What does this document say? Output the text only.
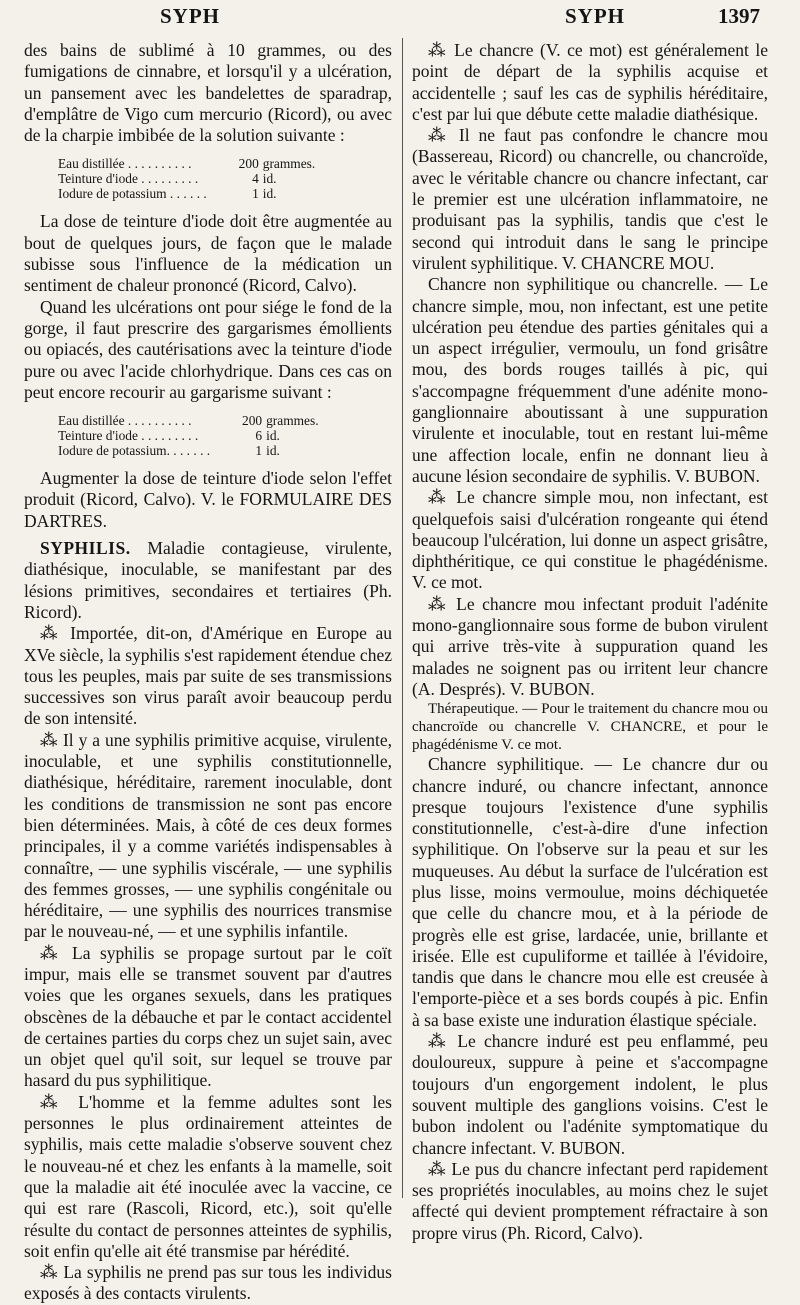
SYPH	SYPH	1397

des bains de sublimé à 10 grammes, ou des fumigations de cinnabre, et lorsqu'il y a ulcération, un pansement avec les bandelettes de sparadrap, d'emplâtre de Vigo cum mercurio (Ricord), ou avec de la charpie imbibée de la solution suivante :

Eau distillée . . . . . . . . . .	200	grammes.
Teinture d'iode . . . . . . . . .	4	id.
Iodure de potassium . . . . . .	1	id.

La dose de teinture d'iode doit être augmentée au bout de quelques jours, de façon que le malade subisse sous l'influence de la médication un sentiment de chaleur prononcé (Ricord, Calvo).

Quand les ulcérations ont pour siége le fond de la gorge, il faut prescrire des gargarismes émollients ou opiacés, des cautérisations avec la teinture d'iode pure ou avec l'acide chlorhydrique. Dans ces cas on peut encore recourir au gargarisme suivant :

Eau distillée . . . . . . . . . .	200	grammes.
Teinture d'iode . . . . . . . . .	6	id.
Iodure de potassium. . . . . . .	1	id.

Augmenter la dose de teinture d'iode selon l'effet produit (Ricord, Calvo). V. le FORMULAIRE DES DARTRES.

SYPHILIS. Maladie contagieuse, virulente, diathésique, inoculable, se manifestant par des lésions primitives, secondaires et tertiaires (Ph. Ricord).

⁂ Importée, dit-on, d'Amérique en Europe au XVe siècle, la syphilis s'est rapidement étendue chez tous les peuples, mais par suite de ses transmissions successives son virus paraît avoir beaucoup perdu de son intensité.

⁂ Il y a une syphilis primitive acquise, virulente, inoculable, et une syphilis constitutionnelle, diathésique, héréditaire, rarement inoculable, dont les conditions de transmission ne sont pas encore bien déterminées. Mais, à côté de ces deux formes principales, il y a comme variétés indispensables à connaître, — une syphilis viscérale, — une syphilis des femmes grosses, — une syphilis congénitale ou héréditaire, — une syphilis des nourrices transmise par le nouveau-né, — et une syphilis infantile.

⁂ La syphilis se propage surtout par le coït impur, mais elle se transmet souvent par d'autres voies que les organes sexuels, dans les pratiques obscènes de la débauche et par le contact accidentel de certaines parties du corps chez un sujet sain, avec un objet quel qu'il soit, sur lequel se trouve par hasard du pus syphilitique.

⁂ L'homme et la femme adultes sont les personnes le plus ordinairement atteintes de syphilis, mais cette maladie s'observe souvent chez le nouveau-né et chez les enfants à la mamelle, soit que la maladie ait été inoculée avec la vaccine, ce qui est rare (Rascoli, Ricord, etc.), soit qu'elle résulte du contact de personnes atteintes de syphilis, soit enfin qu'elle ait été transmise par hérédité.

⁂ La syphilis ne prend pas sur tous les individus exposés à des contacts virulents.

⁂ Le chancre (V. ce mot) est généralement le point de départ de la syphilis acquise et accidentelle ; sauf les cas de syphilis héréditaire, c'est par lui que débute cette maladie diathésique.

⁂ Il ne faut pas confondre le chancre mou (Bassereau, Ricord) ou chancrelle, ou chancroïde, avec le véritable chancre ou chancre infectant, car le premier est une ulcération inflammatoire, ne produisant pas la syphilis, tandis que c'est le second qui introduit dans le sang le principe virulent syphilitique. V. CHANCRE MOU.

Chancre non syphilitique ou chancrelle. — Le chancre simple, mou, non infectant, est une petite ulcération peu étendue des parties génitales qui a un aspect irrégulier, vermoulu, un fond grisâtre mou, des bords rouges taillés à pic, qui s'accompagne fréquemment d'une adénite mono-ganglionnaire aboutissant à une suppuration virulente et inoculable, tout en restant lui-même une affection locale, enfin ne donnant lieu à aucune lésion secondaire de syphilis. V. BUBON.

⁂ Le chancre simple mou, non infectant, est quelquefois saisi d'ulcération rongeante qui étend beaucoup l'ulcération, lui donne un aspect grisâtre, diphthéritique, ce qui constitue le phagédénisme. V. ce mot.

⁂ Le chancre mou infectant produit l'adénite mono-ganglionnaire sous forme de bubon virulent qui arrive très-vite à suppuration quand les malades ne soignent pas ou irritent leur chancre (A. Després). V. BUBON.

Thérapeutique. — Pour le traitement du chancre mou ou chancroïde ou chancrelle V. CHANCRE, et pour le phagédénisme V. ce mot.

Chancre syphilitique. — Le chancre dur ou chancre induré, ou chancre infectant, annonce presque toujours l'existence d'une syphilis constitutionnelle, c'est-à-dire d'une infection syphilitique. On l'observe sur la peau et sur les muqueuses. Au début la surface de l'ulcération est plus lisse, moins vermoulue, moins déchiquetée que celle du chancre mou, et à la période de progrès elle est grise, lardacée, unie, brillante et irisée. Elle est cupuliforme et taillée à l'évidoire, tandis que dans le chancre mou elle est creusée à l'emporte-pièce et a ses bords coupés à pic. Enfin à sa base existe une induration élastique spéciale.

⁂ Le chancre induré est peu enflammé, peu douloureux, suppure à peine et s'accompagne toujours d'un engorgement indolent, le plus souvent multiple des ganglions voisins. C'est le bubon indolent ou l'adénite symptomatique du chancre infectant. V. BUBON.

⁂ Le pus du chancre infectant perd rapidement ses propriétés inoculables, au moins chez le sujet affecté qui devient promptement réfractaire à son propre virus (Ph. Ricord, Calvo).
